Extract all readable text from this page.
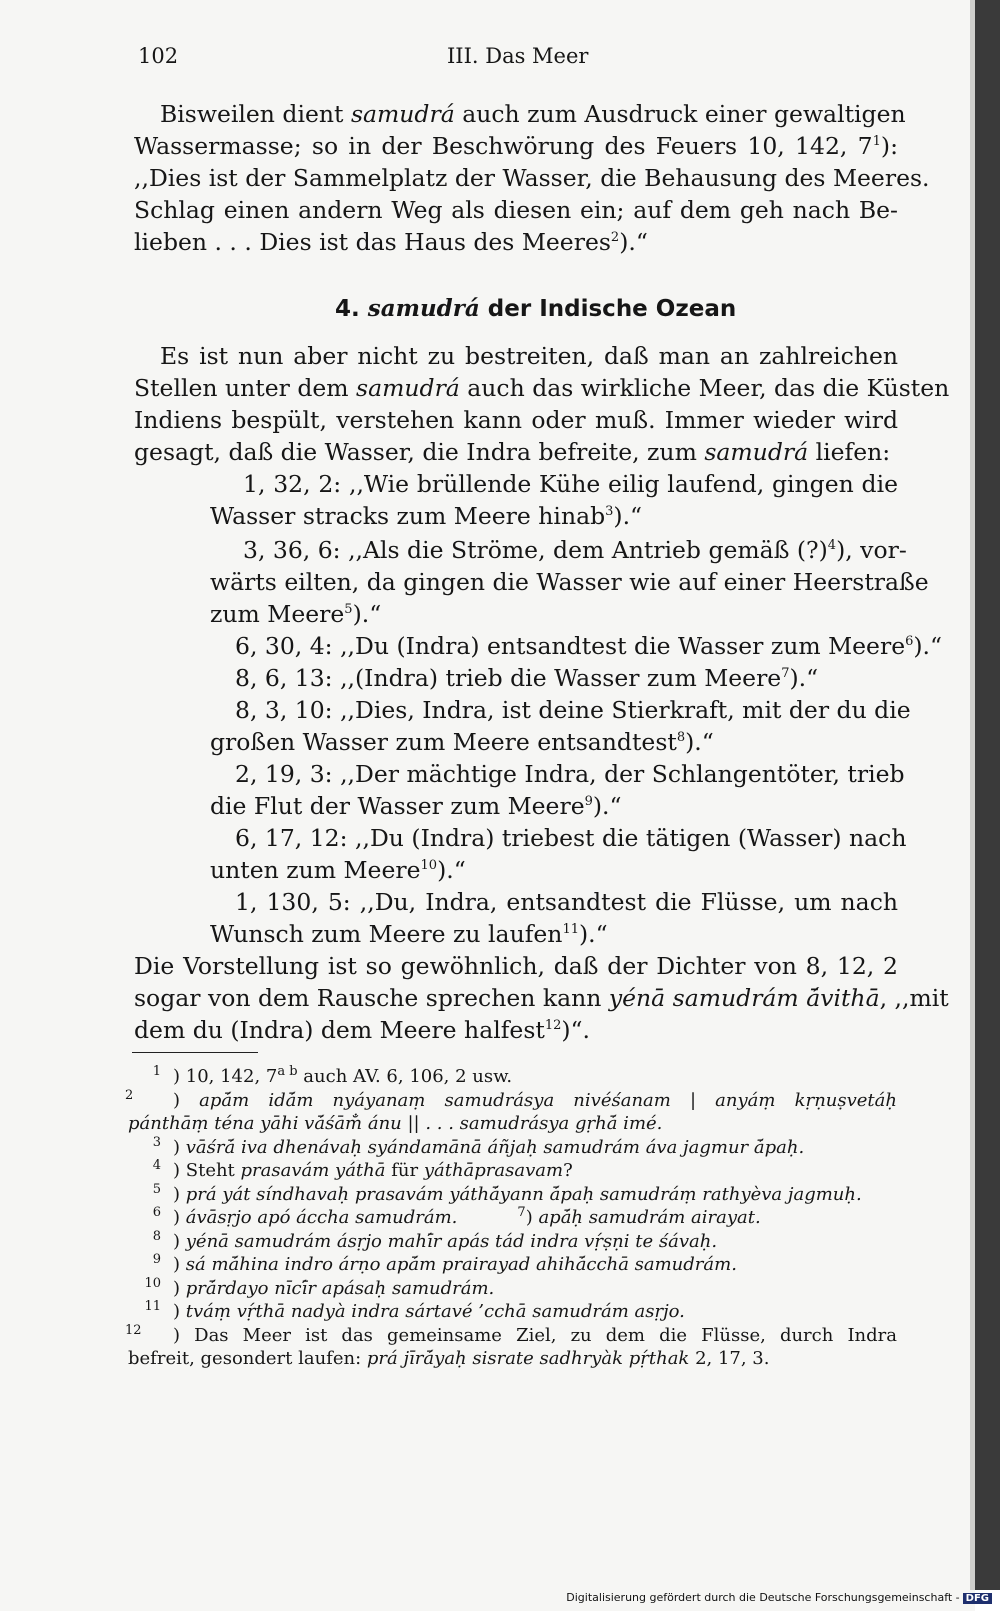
102	III. Das Meer
Bisweilen dient samudrá auch zum Ausdruck einer gewaltigen
Wassermasse; so in der Beschwörung des Feuers 10, 142, $7^1$):
,,Dies ist der Sammelplatz der Wasser, die Behausung des Meeres.
Schlag einen andern Weg als diesen ein; auf dem geh nach Be-
lieben . . . Dies ist das Haus des Meeres$^2$).“
4. samudrá der Indische Ozean
Es ist nun aber nicht zu bestreiten, daß man an zahlreichen
Stellen unter dem samudrá auch das wirkliche Meer, das die Küsten
Indiens bespült, verstehen kann oder muß. Immer wieder wird
gesagt, daß die Wasser, die Indra befreite, zum samudrá liefen:
1, 32, 2: ,,Wie brüllende Kühe eilig laufend, gingen die
Wasser stracks zum Meere hinab$^3$).“
3, 36, 6: ,,Als die Ströme, dem Antrieb gemäß (?)$^4$), vor-
wärts eilten, da gingen die Wasser wie auf einer Heerstraße
zum Meere$^5$).“
6, 30, 4: ,,Du (Indra) entsandtest die Wasser zum Meere$^6$).“
8, 6, 13: ,,(Indra) trieb die Wasser zum Meere$^7$).“
8, 3, 10: ,,Dies, Indra, ist deine Stierkraft, mit der du die
großen Wasser zum Meere entsandtest$^8$).“
2, 19, 3: ,,Der mächtige Indra, der Schlangentöter, trieb
die Flut der Wasser zum Meere$^9$).“
6, 17, 12: ,,Du (Indra) triebest die tätigen (Wasser) nach
unten zum Meere$^{10}$).“
1, 130, 5: ,,Du, Indra, entsandtest die Flüsse, um nach
Wunsch zum Meere zu laufen$^{11}$).“
Die Vorstellung ist so gewöhnlich, daß der Dichter von 8, 12, 2
sogar von dem Rausche sprechen kann yénā samudrám ā́vithā, ,,mit
dem du (Indra) dem Meere halfest$^{12}$)“.
1 ) 10, 142, $7^{a b}$ auch AV. 6, 106, 2 usw.
2 ) apā́m idā́m nyáyanaṃ samudrásya nivéśanam | anyáṃ kṛṇuṣvetáḥ
pánthāṃ téna yāhi vā́śām̐ ánu || . . . samudrásya gṛhā́ imé.
3 ) vāśrā́ iva dhenávaḥ syándamānā áñjaḥ samudrám áva jagmur ā́paḥ.
4 ) Steht prasavám yáthā für yáthāprasavam?
5 ) prá yát síndhavaḥ prasavám yáthā́yann ā́paḥ samudráṃ rathyèva jagmuḥ.
6 ) ávāsṛjo apó áccha samudrám.	$^7$) apā́ḥ samudrám airayat.
8 ) yénā samudrám ásṛjo mahī́r apás tád indra vṛ́ṣṇi te śávaḥ.
9 ) sá mā́hina indro árṇo apā́m prairayad ahihā́cchā samudrám.
10 ) prā́rdayo nīcī́r apásaḥ samudrám.
11 ) tváṃ vṛ́thā nadyà indra sártavé ’cchā samudrám asṛjo.
12 ) Das Meer ist das gemeinsame Ziel, zu dem die Flüsse, durch Indra
befreit, gesondert laufen: prá jīrā́yaḥ sisrate sadhryàk pṛ́thak 2, 17, 3.
Digitalisierung gefördert durch die Deutsche Forschungsgemeinschaft - DFG
